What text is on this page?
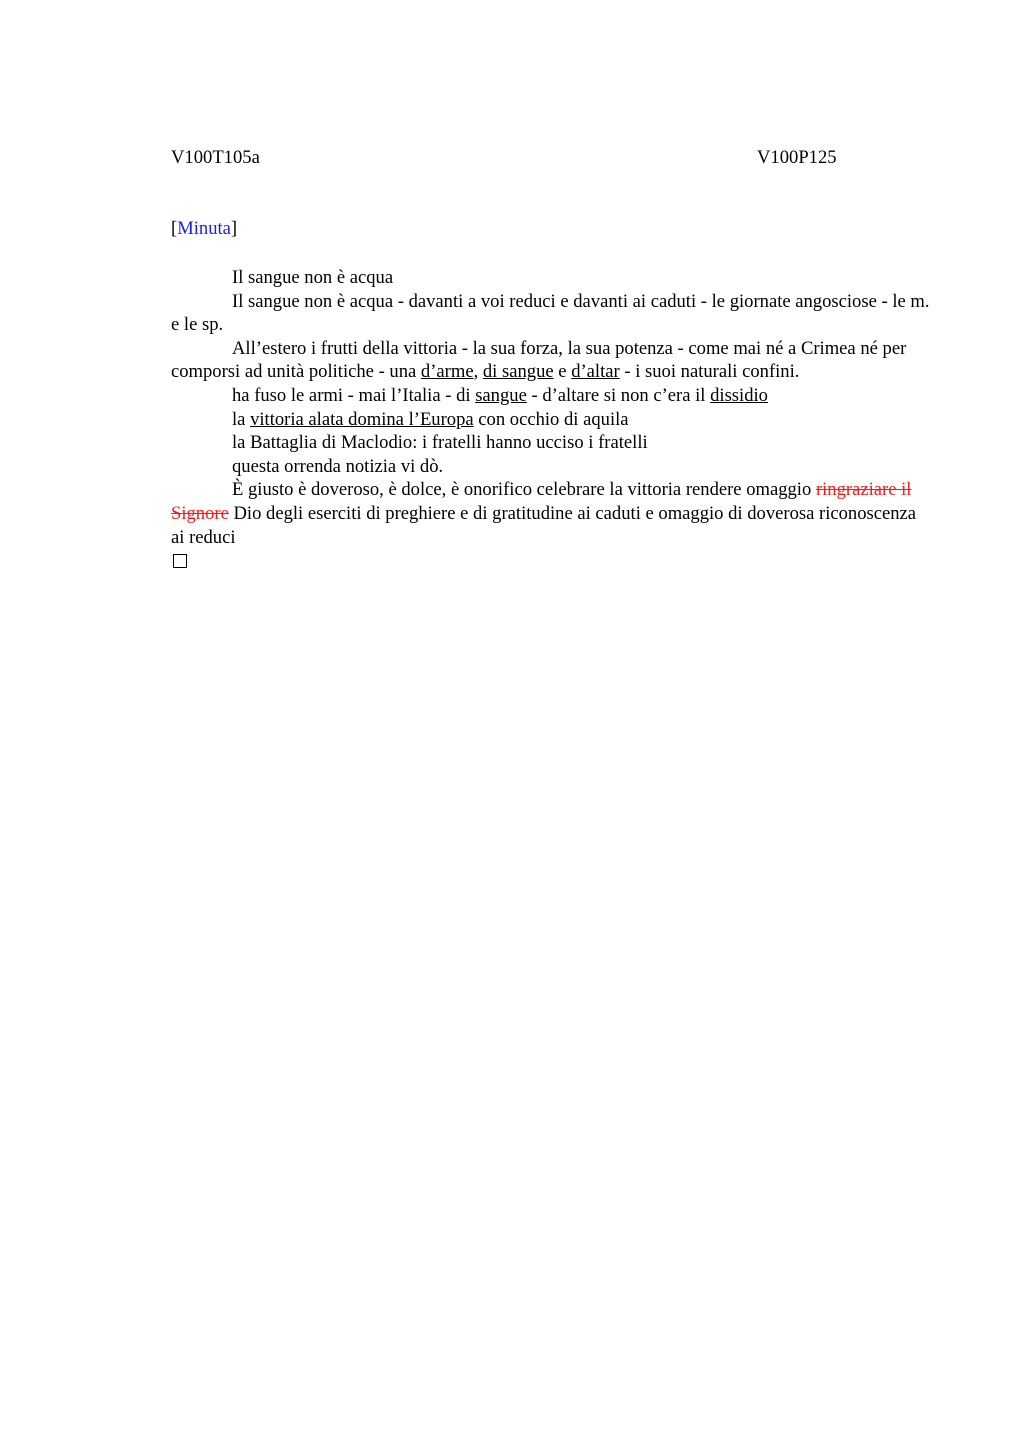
V100T105a	V100P125
[Minuta]

Il sangue non è acqua

Il sangue non è acqua - davanti a voi reduci e davanti ai caduti - le giornate angosciose - le m. e le sp.

All’estero i frutti della vittoria - la sua forza, la sua potenza - come mai né a Crimea né per comporsi ad unità politiche - una d’arme, di sangue e d’altar - i suoi naturali confini.

ha fuso le armi - mai l’Italia - di sangue - d’altare si non c’era il dissidio

la vittoria alata domina l’Europa con occhio di aquila

la Battaglia di Maclodio: i fratelli hanno ucciso i fratelli

questa orrenda notizia vi dò.

È giusto è doveroso, è dolce, è onorifico celebrare la vittoria rendere omaggio ringraziare il Signore Dio degli eserciti di preghiere e di gratitudine ai caduti e omaggio di doverosa riconoscenza ai reduci
